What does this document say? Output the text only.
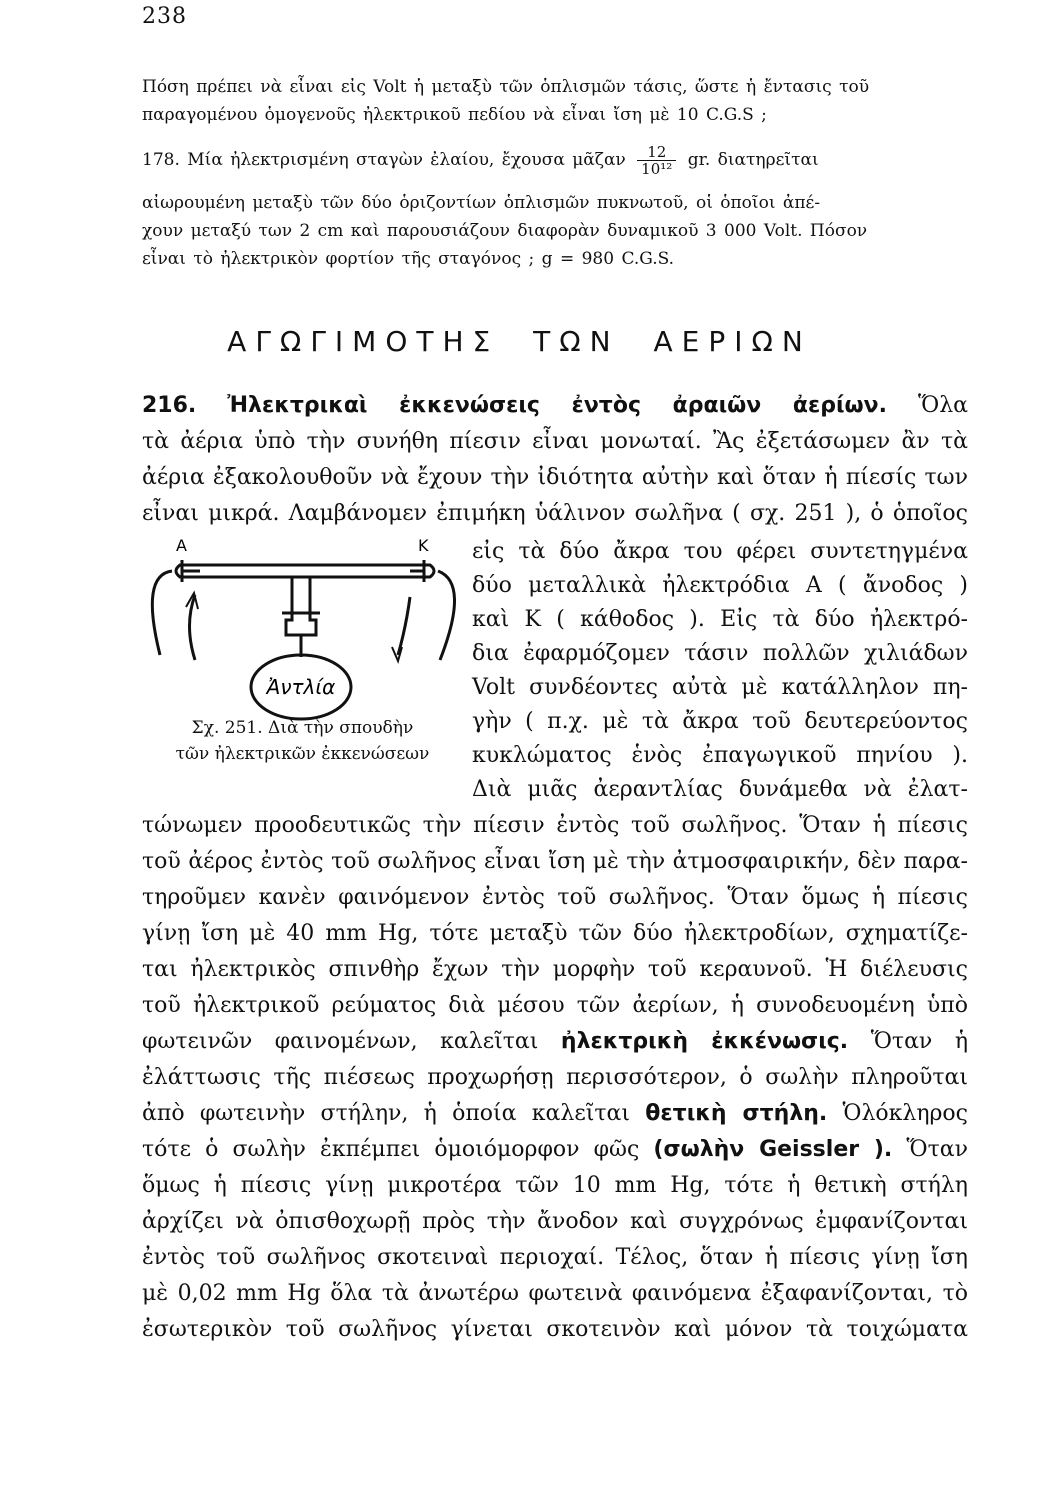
238
Πόση πρέπει νὰ εἶναι εἰς Volt ἡ μεταξὺ τῶν ὁπλισμῶν τάσις, ὥστε ἡ ἔντασις τοῦ
παραγομένου ὁμογενοῦς ἠλεκτρικοῦ πεδίου νὰ εἶναι ἴση μὲ 10 C.G.S ;
178. Μία ἠλεκτρισμένη σταγὼν ἐλαίου, ἔχουσα μᾶζαν $\frac{12}{\text{10¹²}}$ gr. διατηρεῖται
αἰωρουμένη μεταξὺ τῶν δύο ὁριζοντίων ὁπλισμῶν πυκνωτοῦ, οἱ ὁποῖοι ἀπέ-
χουν μεταξύ των 2 cm καὶ παρουσιάζουν διαφορὰν δυναμικοῦ 3 000 Volt. Πόσον
εἶναι τὸ ἠλεκτρικὸν φορτίον τῆς σταγόνος ; g = 980 C.G.S.
ΑΓΩΓΙΜΟΤΗΣ ΤΩΝ ΑΕΡΙΩΝ
216. Ἠλεκτρικαὶ ἐκκενώσεις ἐντὸς ἀραιῶν ἀερίων. Ὅλα
τὰ ἀέρια ὑπὸ τὴν συνήθη πίεσιν εἶναι μονωταί. Ἂς ἐξετάσωμεν ἂν τὰ
ἀέρια ἐξακολουθοῦν νὰ ἔχουν τὴν ἰδιότητα αὐτὴν καὶ ὅταν ἡ πίεσίς των
εἶναι μικρά. Λαμβάνομεν ἐπιμήκη ὑάλινον σωλῆνα ( σχ. 251 ), ὁ ὁποῖος
εἰς τὰ δύο ἄκρα του φέρει συντετηγμένα
δύο μεταλλικὰ ἠλεκτρόδια Α ( ἄνοδος )
καὶ Κ ( κάθοδος ). Εἰς τὰ δύο ἠλεκτρό-
δια ἐφαρμόζομεν τάσιν πολλῶν χιλιάδων
Volt συνδέοντες αὐτὰ μὲ κατάλληλον πη-
γὴν ( π.χ. μὲ τὰ ἄκρα τοῦ δευτερεύοντος
κυκλώματος ἑνὸς ἐπαγωγικοῦ πηνίου ).
Διὰ μιᾶς ἀεραντλίας δυνάμεθα νὰ ἐλατ-
A	K
Ἀντλία
Σχ. 251. Διὰ τὴν σπουδὴν
τῶν ἠλεκτρικῶν ἐκκενώσεων
τώνωμεν προοδευτικῶς τὴν πίεσιν ἐντὸς τοῦ σωλῆνος. Ὅταν ἡ πίεσις
τοῦ ἀέρος ἐντὸς τοῦ σωλῆνος εἶναι ἴση μὲ τὴν ἀτμοσφαιρικήν, δὲν παρα-
τηροῦμεν κανὲν φαινόμενον ἐντὸς τοῦ σωλῆνος. Ὅταν ὅμως ἡ πίεσις
γίνῃ ἴση μὲ 40 mm Hg, τότε μεταξὺ τῶν δύο ἠλεκτροδίων, σχηματίζε-
ται ἠλεκτρικὸς σπινθὴρ ἔχων τὴν μορφὴν τοῦ κεραυνοῦ. Ἡ διέλευσις
τοῦ ἠλεκτρικοῦ ρεύματος διὰ μέσου τῶν ἀερίων, ἡ συνοδευομένη ὑπὸ
φωτεινῶν φαινομένων, καλεῖται ἠλεκτρικὴ ἐκκένωσις. Ὅταν ἡ
ἐλάττωσις τῆς πιέσεως προχωρήσῃ περισσότερον, ὁ σωλὴν πληροῦται
ἀπὸ φωτεινὴν στήλην, ἡ ὁποία καλεῖται θετικὴ στήλη. Ὁλόκληρος
τότε ὁ σωλὴν ἐκπέμπει ὁμοιόμορφον φῶς (σωλὴν Geissler ). Ὅταν
ὅμως ἡ πίεσις γίνῃ μικροτέρα τῶν 10 mm Hg, τότε ἡ θετικὴ στήλη
ἀρχίζει νὰ ὀπισθοχωρῇ πρὸς τὴν ἄνοδον καὶ συγχρόνως ἐμφανίζονται
ἐντὸς τοῦ σωλῆνος σκοτειναὶ περιοχαί. Τέλος, ὅταν ἡ πίεσις γίνῃ ἴση
μὲ 0,02 mm Hg ὅλα τὰ ἀνωτέρω φωτεινὰ φαινόμενα ἐξαφανίζονται, τὸ
ἐσωτερικὸν τοῦ σωλῆνος γίνεται σκοτεινὸν καὶ μόνον τὰ τοιχώματα
